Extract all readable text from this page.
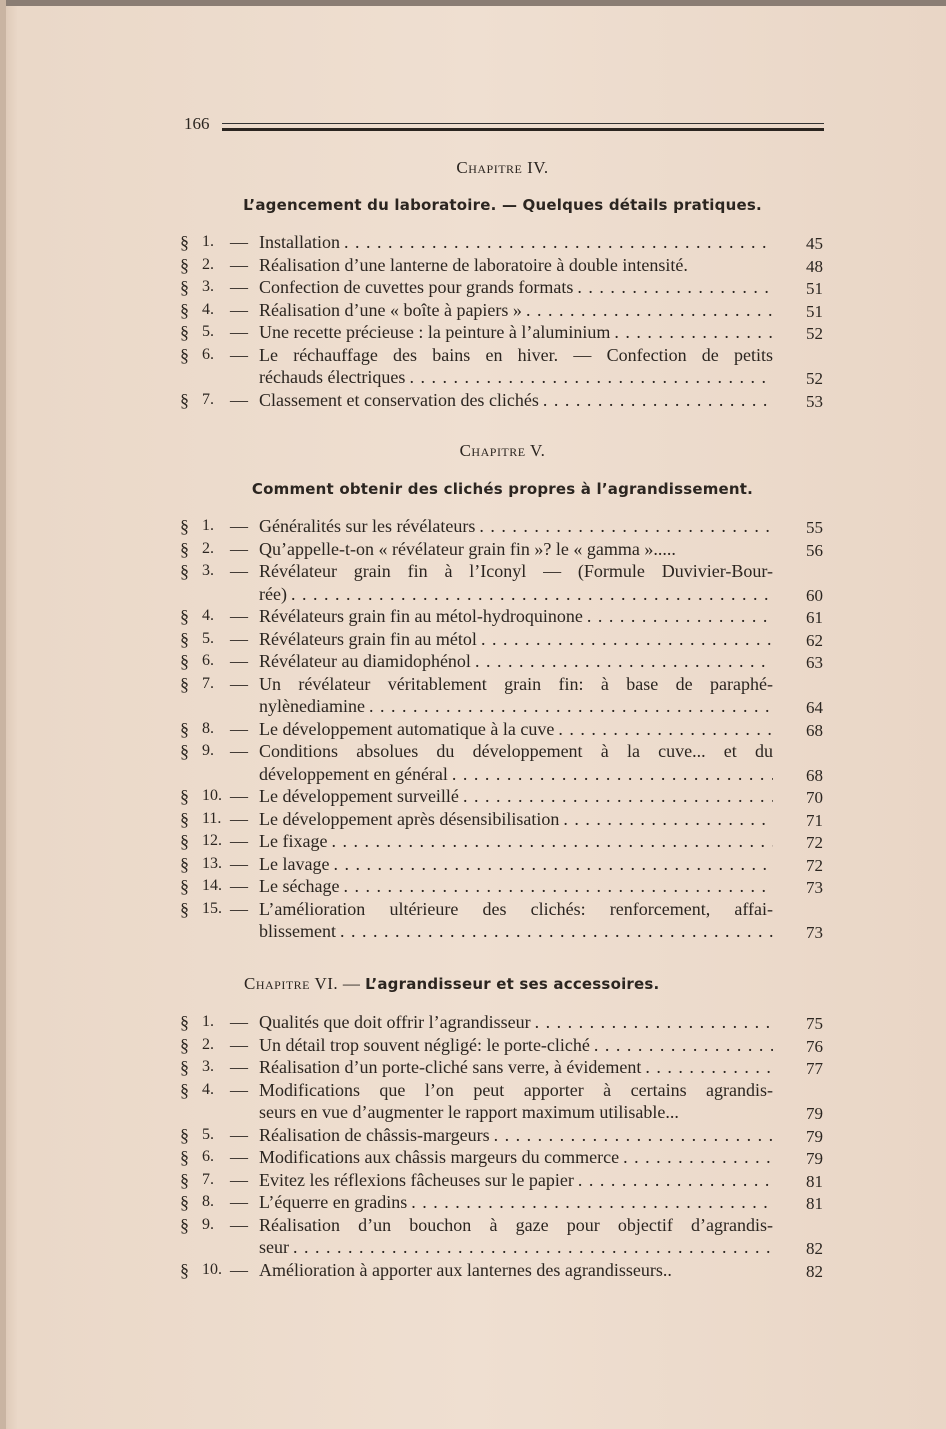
166
Chapitre IV.
L’agencement du laboratoire. — Quelques détails pratiques.
§ 1. — Installation . . .	45
§ 2. — Réalisation d’une lanterne de laboratoire à double intensité.	48
§ 3. — Confection de cuvettes pour grands formats . . .	51
§ 4. — Réalisation d’une « boîte à papiers » . . .	51
§ 5. — Une recette précieuse : la peinture à l’aluminium . . .	52
§ 6. — Le réchauffage des bains en hiver. — Confection de petits
réchauds électriques . . .	52
§ 7. — Classement et conservation des clichés . . .	53
Chapitre V.
Comment obtenir des clichés propres à l’agrandissement.
§ 1. — Généralités sur les révélateurs . . .	55
§ 2. — Qu’appelle-t-on « révélateur grain fin »? le « gamma ».....	56
§ 3. — Révélateur grain fin à l’Iconyl — (Formule Duvivier-Bour-
rée) . . .	60
§ 4. — Révélateurs grain fin au métol-hydroquinone . . .	61
§ 5. — Révélateurs grain fin au métol . . .	62
§ 6. — Révélateur au diamidophénol . . .	63
§ 7. — Un révélateur véritablement grain fin: à base de paraphé-
nylènediamine . . .	64
§ 8. — Le développement automatique à la cuve . . .	68
§ 9. — Conditions absolues du développement à la cuve... et du
développement en général . . .	68
§ 10. — Le développement surveillé . . .	70
§ 11. — Le développement après désensibilisation . . .	71
§ 12. — Le fixage . . .	72
§ 13. — Le lavage . . .	72
§ 14. — Le séchage . . .	73
§ 15. — L’amélioration ultérieure des clichés: renforcement, affai-
blissement . . .	73
Chapitre VI. — L’agrandisseur et ses accessoires.
§ 1. — Qualités que doit offrir l’agrandisseur . . .	75
§ 2. — Un détail trop souvent négligé: le porte-cliché . . .	76
§ 3. — Réalisation d’un porte-cliché sans verre, à évidement . . .	77
§ 4. — Modifications que l’on peut apporter à certains agrandis-
seurs en vue d’augmenter le rapport maximum utilisable...	79
§ 5. — Réalisation de châssis-margeurs . . .	79
§ 6. — Modifications aux châssis margeurs du commerce . . .	79
§ 7. — Evitez les réflexions fâcheuses sur le papier . . .	81
§ 8. — L’équerre en gradins . . .	81
§ 9. — Réalisation d’un bouchon à gaze pour objectif d’agrandis-
seur . . .	82
§ 10. — Amélioration à apporter aux lanternes des agrandisseurs..	82
